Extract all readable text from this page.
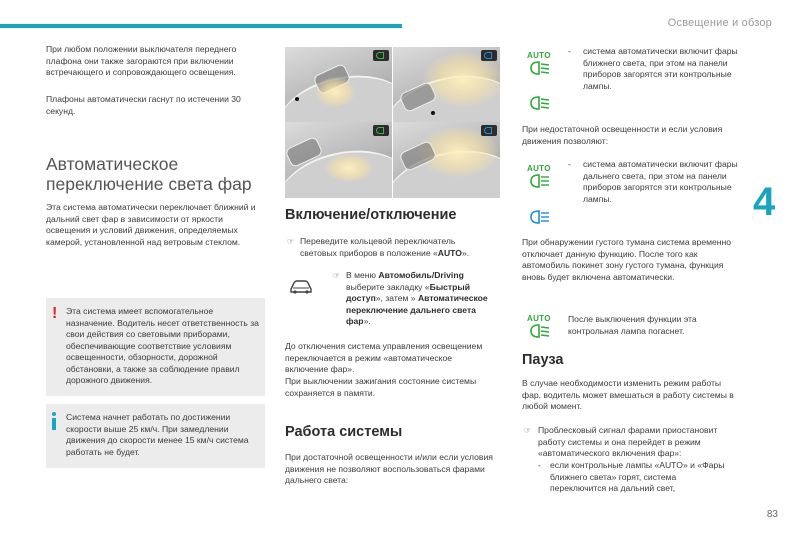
Освещение и обзор
4
83

При любом положении выключателя переднего плафона они также загораются при включении встречающего и сопровождающего освещения.

Плафоны автоматически гаснут по истечении 30 секунд.

Автоматическое переключение света фар

Эта система автоматически переключает ближний и дальний свет фар в зависимости от яркости освещения и условий движения, определяемых камерой, установленной над ветровым стеклом.

! Эта система имеет вспомогательное назначение. Водитель несет ответственность за свои действия со световыми приборами, обеспечивающие соответствие условиям освещенности, обзорности, дорожной обстановки, а также за соблюдение правил дорожного движения.

Система начнет работать по достижении скорости выше 25 км/ч. При замедлении движения до скорости менее 15 км/ч система работать не будет.

Включение/отключение
☞ Переведите кольцевой переключатель световых приборов в положение «AUTO».

☞ В меню Автомобиль/Driving выберите закладку «Быстрый доступ», затем » Автоматическое переключение дальнего света фар».

До отключения система управления освещением переключается в режим «автоматическое включение фар».

При выключении зажигания состояние системы сохраняется в памяти.

Работа системы

При достаточной освещенности и/или если условия движения не позволяют воспользоваться фарами дальнего света:

AUTO - система автоматически включит фары ближнего света, при этом на панели приборов загорятся эти контрольные лампы.

При недостаточной освещенности и если условия движения позволяют:

AUTO - система автоматически включит фары дальнего света, при этом на панели приборов загорятся эти контрольные лампы.

При обнаружении густого тумана система временно отключает данную функцию. После того как автомобиль покинет зону густого тумана, функция вновь будет включена автоматически.

AUTO После выключения функции эта контрольная лампа погаснет.

Пауза

В случае необходимости изменить режим работы фар, водитель может вмешаться в работу системы в любой момент.

☞ Проблесковый сигнал фарами приостановит работу системы и она перейдет в режим «автоматического включения фар»:

- если контрольные лампы «AUTO» и «Фары ближнего света» горят, система переключится на дальний свет,
